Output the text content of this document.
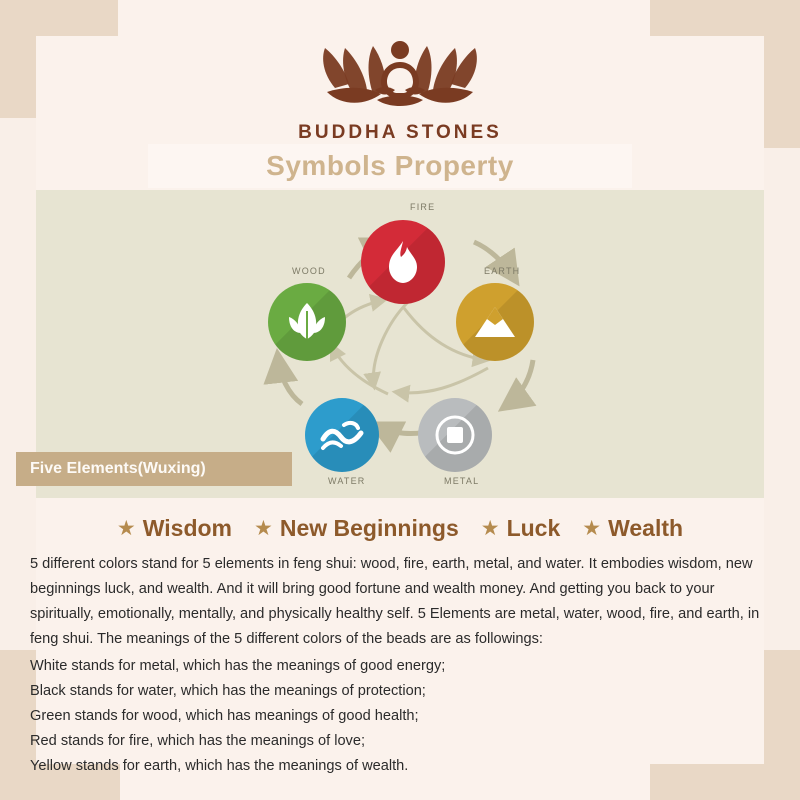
BUDDHA STONES
Symbols Property
FIRE
EARTH
WOOD
WATER	METAL
Five Elements(Wuxing)
★ Wisdom ★ New Beginnings ★ Luck ★ Wealth

5 different colors stand for 5 elements in feng shui: wood, fire, earth, metal, and water. It embodies wisdom, new beginnings luck, and wealth. And it will bring good fortune and wealth money. And getting you back to your spiritually, emotionally, mentally, and physically healthy self. 5 Elements are metal, water, wood, fire, and earth, in feng shui. The meanings of the 5 different colors of the beads are as followings:

White stands for metal, which has the meanings of good energy;

Black stands for water, which has the meanings of protection;

Green stands for wood, which has meanings of good health;

Red stands for fire, which has the meanings of love;

Yellow stands for earth, which has the meanings of wealth.
